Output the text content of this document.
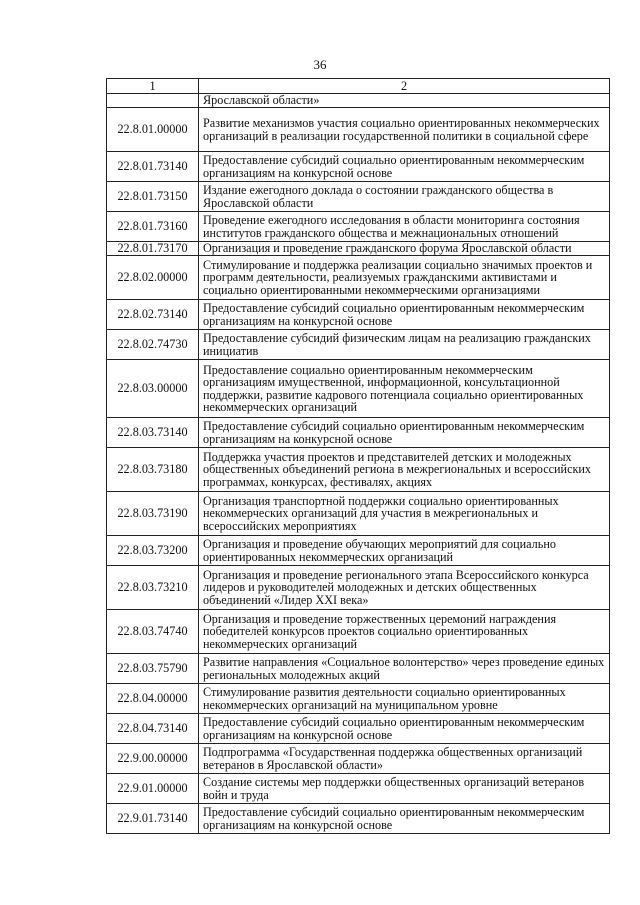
36
1	2
	Ярославской области»
22.8.01.00000	Развитие механизмов участия социально ориентированных некоммерческих организаций в реализации государственной политики в социальной сфере
22.8.01.73140	Предоставление субсидий социально ориентированным некоммерческим организациям на конкурсной основе
22.8.01.73150	Издание ежегодного доклада о состоянии гражданского общества в Ярославской области
22.8.01.73160	Проведение ежегодного исследования в области мониторинга состояния институтов гражданского общества и межнациональных отношений
22.8.01.73170	Организация и проведение гражданского форума Ярославской области
22.8.02.00000	Стимулирование и поддержка реализации социально значимых проектов и программ деятельности, реализуемых гражданскими активистами и социально ориентированными некоммерческими организациями
22.8.02.73140	Предоставление субсидий социально ориентированным некоммерческим организациям на конкурсной основе
22.8.02.74730	Предоставление субсидий физическим лицам на реализацию гражданских инициатив
22.8.03.00000	Предоставление социально ориентированным некоммерческим организациям имущественной, информационной, консультационной поддержки, развитие кадрового потенциала социально ориентированных некоммерческих организаций
22.8.03.73140	Предоставление субсидий социально ориентированным некоммерческим организациям на конкурсной основе
22.8.03.73180	Поддержка участия проектов и представителей детских и молодежных общественных объединений региона в межрегиональных и всероссийских программах, конкурсах, фестивалях, акциях
22.8.03.73190	Организация транспортной поддержки социально ориентированных некоммерческих организаций для участия в межрегиональных и всероссийских мероприятиях
22.8.03.73200	Организация и проведение обучающих мероприятий для социально ориентированных некоммерческих организаций
22.8.03.73210	Организация и проведение регионального этапа Всероссийского конкурса лидеров и руководителей молодежных и детских общественных объединений «Лидер XXI века»
22.8.03.74740	Организация и проведение торжественных церемоний награждения победителей конкурсов проектов социально ориентированных некоммерческих организаций
22.8.03.75790	Развитие направления «Социальное волонтерство» через проведение единых региональных молодежных акций
22.8.04.00000	Стимулирование развития деятельности социально ориентированных некоммерческих организаций на муниципальном уровне
22.8.04.73140	Предоставление субсидий социально ориентированным некоммерческим организациям на конкурсной основе
22.9.00.00000	Подпрограмма «Государственная поддержка общественных организаций ветеранов в Ярославской области»
22.9.01.00000	Создание системы мер поддержки общественных организаций ветеранов войн и труда
22.9.01.73140	Предоставление субсидий социально ориентированным некоммерческим организациям на конкурсной основе
